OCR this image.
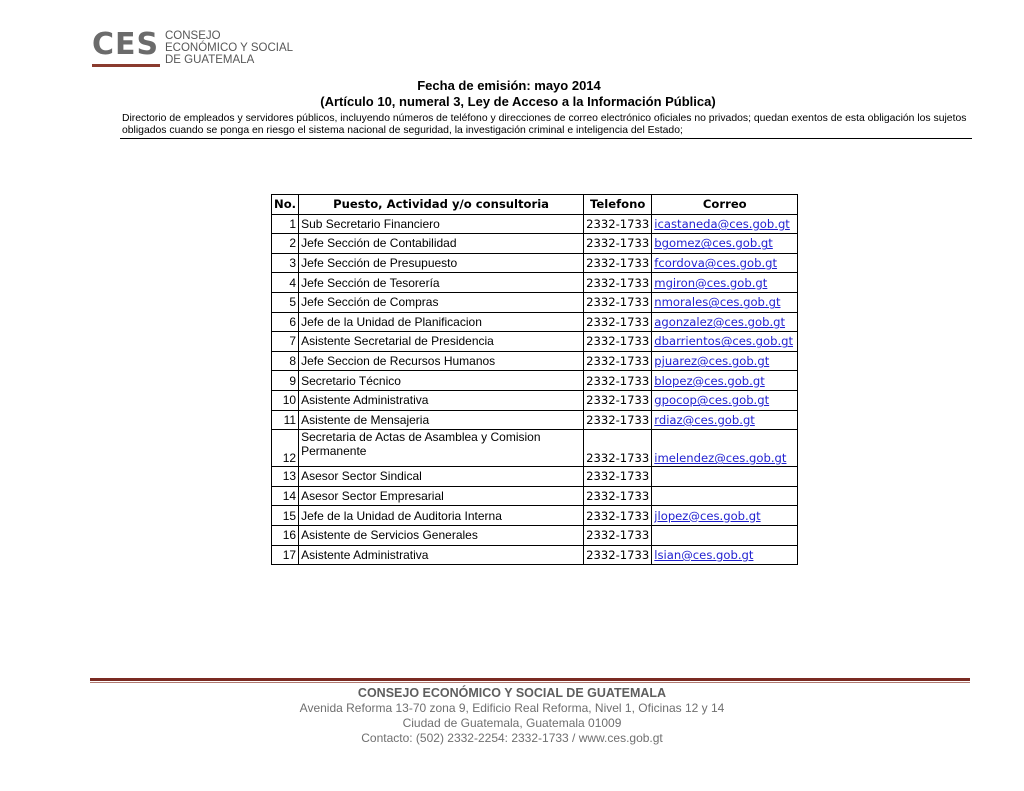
CES CONSEJO
ECONÓMICO Y SOCIAL
DE GUATEMALA
Fecha de emisión: mayo 2014
(Artículo 10, numeral 3, Ley de Acceso a la Información Pública)
Directorio de empleados y servidores públicos, incluyendo números de teléfono y direcciones de correo electrónico oficiales no privados; quedan exentos de esta obligación los sujetos obligados cuando se ponga en riesgo el sistema nacional de seguridad, la investigación criminal e inteligencia del Estado;
No.	Puesto, Actividad y/o consultoria	Telefono	Correo
1	Sub Secretario Financiero	2332-1733	icastaneda@ces.gob.gt
2	Jefe Sección de Contabilidad	2332-1733	bgomez@ces.gob.gt
3	Jefe Sección de Presupuesto	2332-1733	fcordova@ces.gob.gt
4	Jefe Sección de Tesorería	2332-1733	mgiron@ces.gob.gt
5	Jefe Sección de Compras	2332-1733	nmorales@ces.gob.gt
6	Jefe de la Unidad de Planificacion	2332-1733	agonzalez@ces.gob.gt
7	Asistente Secretarial de Presidencia	2332-1733	dbarrientos@ces.gob.gt
8	Jefe Seccion de Recursos Humanos	2332-1733	pjuarez@ces.gob.gt
9	Secretario Técnico	2332-1733	blopez@ces.gob.gt
10	Asistente Administrativa	2332-1733	gpocop@ces.gob.gt
11	Asistente de Mensajeria	2332-1733	rdiaz@ces.gob.gt
12	Secretaria de Actas de Asamblea y Comision Permanente	2332-1733	imelendez@ces.gob.gt
13	Asesor Sector Sindical	2332-1733	
14	Asesor Sector Empresarial	2332-1733	
15	Jefe de la Unidad de Auditoria Interna	2332-1733	jlopez@ces.gob.gt
16	Asistente de Servicios Generales	2332-1733	
17	Asistente Administrativa	2332-1733	lsian@ces.gob.gt
CONSEJO ECONÓMICO Y SOCIAL DE GUATEMALA
Avenida Reforma 13-70 zona 9, Edificio Real Reforma, Nivel 1, Oficinas 12 y 14
Ciudad de Guatemala, Guatemala 01009
Contacto: (502) 2332-2254: 2332-1733 / www.ces.gob.gt
